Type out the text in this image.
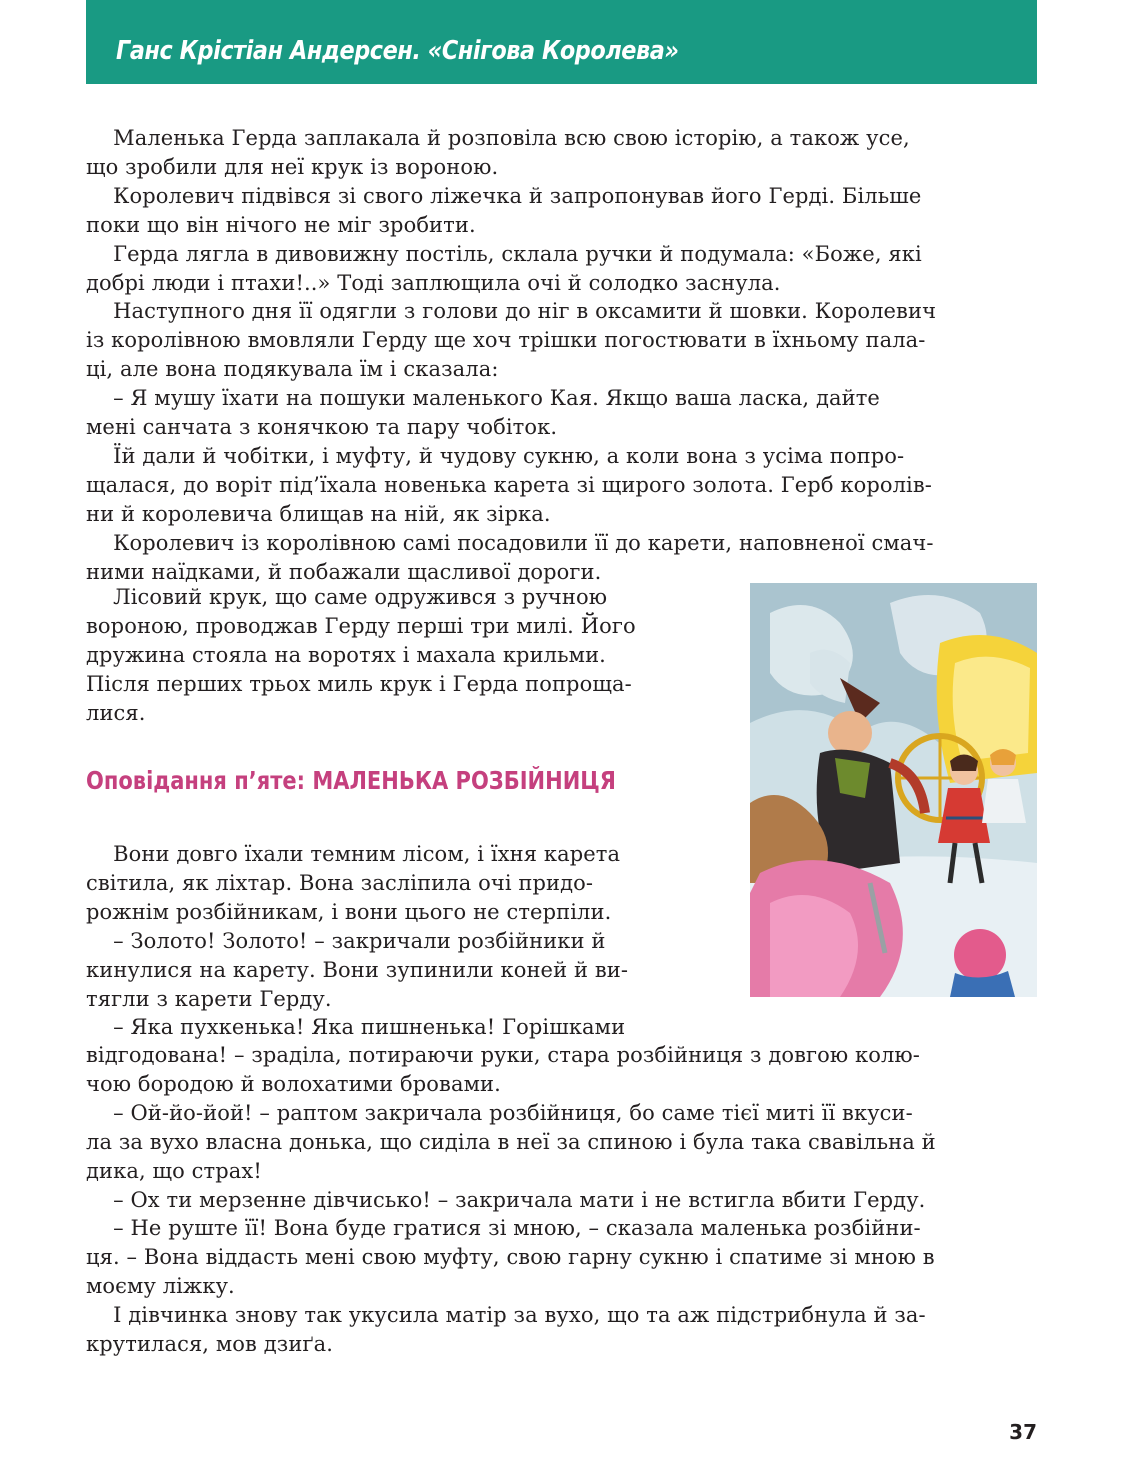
Ганс Крістіан Андерсен. «Снігова Королева»

Маленька Герда заплакала й розповіла всю свою історію, а також усе,
що зробили для неї крук із вороною.
Королевич підвівся зі свого ліжечка й запропонував його Герді. Більше
поки що він нічого не міг зробити.
Герда лягла в дивовижну постіль, склала ручки й подумала: «Боже, які
добрі люди і птахи!..» Тоді заплющила очі й солодко заснула.
Наступного дня її одягли з голови до ніг в оксамити й шовки. Королевич
із королівною вмовляли Герду ще хоч трішки погостювати в їхньому пала-
ці, але вона подякувала їм і сказала:
– Я мушу їхати на пошуки маленького Кая. Якщо ваша ласка, дайте
мені санчата з конячкою та пару чобіток.
Їй дали й чобітки, і муфту, й чудову сукню, а коли вона з усіма попро-
щалася, до воріт під’їхала новенька карета зі щирого золота. Герб королів-
ни й королевича блищав на ній, як зірка.
Королевич із королівною самі посадовили її до карети, наповненої смач-
ними наїдками, й побажали щасливої дороги.

Лісовий крук, що саме одружився з ручною
вороною, проводжав Герду перші три милі. Його
дружина стояла на воротях і махала крильми.
Після перших трьох миль крук і Герда попроща-
лися.

Оповідання п’яте: МАЛЕНЬКА РОЗБІЙНИЦЯ

Вони довго їхали темним лісом, і їхня карета
світила, як ліхтар. Вона засліпила очі придо-
рожнім розбійникам, і вони цього не стерпіли.
– Золото! Золото! – закричали розбійники й
кинулися на карету. Вони зупинили коней й ви-
тягли з карети Герду.
– Яка пухкенька! Яка пишненька! Горішками

відгодована! – зраділа, потираючи руки, стара розбійниця з довгою колю-
чою бородою й волохатими бровами.
– Ой-йо-йой! – раптом закричала розбійниця, бо саме тієї миті її вкуси-
ла за вухо власна донька, що сиділа в неї за спиною і була така свавільна й
дика, що страх!
– Ох ти мерзенне дівчисько! – закричала мати і не встигла вбити Герду.
– Не руште її! Вона буде гратися зі мною, – сказала маленька розбійни-
ця. – Вона віддасть мені свою муфту, свою гарну сукню і спатиме зі мною в
моєму ліжку.
І дівчинка знову так укусила матір за вухо, що та аж підстрибнула й за-
крутилася, мов дзиґа.

37
